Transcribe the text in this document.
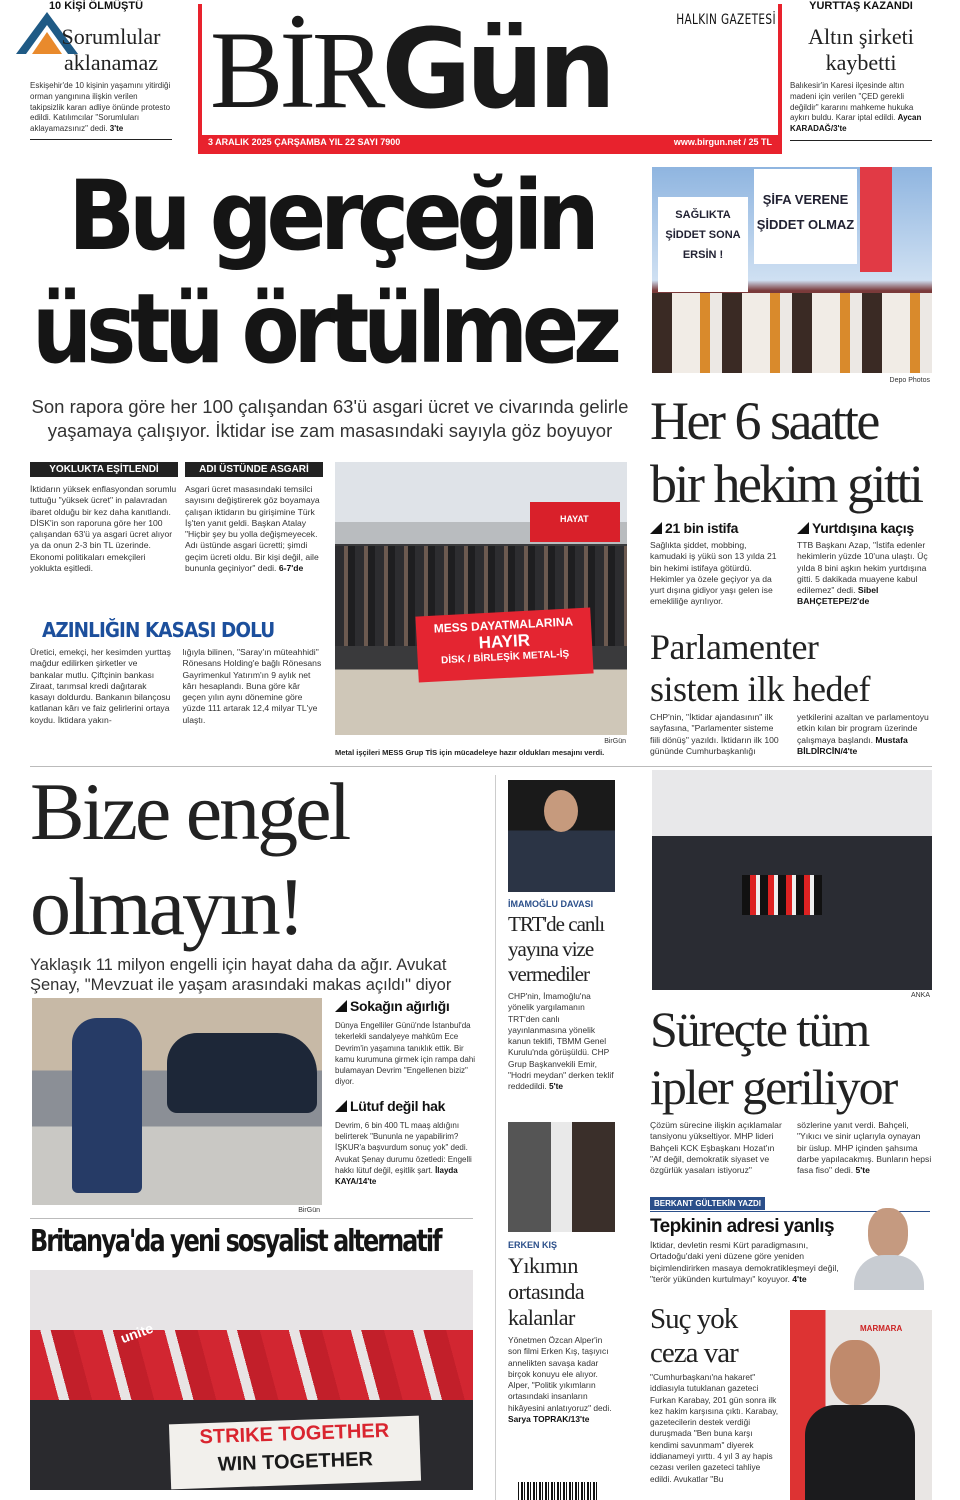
10 KİŞİ ÖLMÜŞTÜ
Sorumlular aklanamaz
Eskişehir'de 10 kişinin yaşamını yitirdiği orman yangınına ilişkin verilen takipsizlik kararı adliye önünde protesto edildi. Katılımcılar "Sorumluları aklayamazsınız" dedi. 3'te
HALKIN GAZETESİ
BİRGün
3 ARALIK 2025 ÇARŞAMBA YIL 22 SAYI 7900	www.birgun.net / 25 TL
YURTTAŞ KAZANDI
Altın şirketi kaybetti
Balıkesir'in Karesi ilçesinde altın madeni için verilen "ÇED gerekli değildir" kararını mahkeme hukuka aykırı buldu. Karar iptal edildi. Aycan KARADAĞ/3'te
Bu gerçeğin
üstü örtülmez
Son rapora göre her 100 çalışandan 63'ü asgari ücret ve civarında gelirle yaşamaya çalışıyor. İktidar ise zam masasındaki sayıyla göz boyuyor
YOKLUKTA EŞİTLENDİ
İktidarın yüksek enflasyondan sorumlu tuttuğu "yüksek ücret" in palavradan ibaret olduğu bir kez daha kanıtlandı. DİSK'in son raporuna göre her 100 çalışandan 63'ü ya asgari ücret alıyor ya da onun 2-3 bin TL üzerinde. Ekonomi politikaları emekçileri yoklukta eşitledi.
ADI ÜSTÜNDE ASGARİ
Asgari ücret masasındaki temsilci sayısını değiştirerek göz boyamaya çalışan iktidarın bu girişimine Türk İş'ten yanıt geldi. Başkan Atalay "Hiçbir şey bu yolla değişmeyecek. Adı üstünde asgari ücretti; şimdi geçim ücreti oldu. Bir kişi değil, aile bununla geçiniyor" dedi. 6-7'de
AZINLIĞIN KASASI DOLU
Üretici, emekçi, her kesimden yurttaş mağdur edilirken şirketler ve bankalar mutlu. Çiftçinin bankası Ziraat, tarımsal kredi dağıtarak kasayı doldurdu. Bankanın bilançosu katlanan kârı ve faiz gelirlerini ortaya koydu. İktidara yakın-
lığıyla bilinen, "Saray'ın müteahhidi" Rönesans Holding'e bağlı Rönesans Gayrimenkul Yatırım'ın 9 aylık net kârı hesaplandı. Buna göre kâr geçen yılın aynı dönemine göre yüzde 111 artarak 12,4 milyar TL'ye ulaştı.
HAYAT
MESS DAYATMALARINA
HAYIR
DİSK / BİRLEŞİK METAL-İŞ
BirGün
Metal işçileri MESS Grup TİS için mücadeleye hazır oldukları mesajını verdi.
SAĞLIKTA ŞİDDET SONA ERSİN !
ŞİFA VERENE ŞİDDET OLMAZ
Depo Photos
Her 6 saatte
bir hekim gitti
21 bin istifa
Sağlıkta şiddet, mobbing, kamudaki iş yükü son 13 yılda 21 bin hekimi istifaya götürdü. Hekimler ya özele geçiyor ya da yurt dışına gidiyor yaşı gelen ise emekliliğe ayrılıyor.
Yurtdışına kaçış
TTB Başkanı Azap, "İstifa edenler hekimlerin yüzde 10'una ulaştı. Üç yılda 8 bini aşkın hekim yurtdışına gitti. 5 dakikada muayene kabul edilemez" dedi. Sibel BAHÇETEPE/2'de
Parlamenter
sistem ilk hedef
CHP'nin, "İktidar ajandasının" ilk sayfasına, "Parlamenter sisteme fiili dönüş" yazıldı. İktidarın ilk 100 gününde Cumhurbaşkanlığı
yetkilerini azaltan ve parlamentoyu etkin kılan bir program üzerinde çalışmaya başlandı. Mustafa BİLDİRCİN/4'te
Bize engel
olmayın!
Yaklaşık 11 milyon engelli için hayat daha da ağır. Avukat Şenay, "Mevzuat ile yaşam arasındaki makas açıldı" diyor
BirGün
Sokağın ağırlığı
Dünya Engelliler Günü'nde İstanbul'da tekerlekli sandalyeye mahkûm Ece Devrim'in yaşamına tanıklık ettik. Bir kamu kurumuna girmek için rampa dahi bulamayan Devrim "Engellenen biziz" diyor.
Lütuf değil hak
Devrim, 6 bin 400 TL maaş aldığını belirterek "Bununla ne yapabilirim? İŞKUR'a başvurdum sonuç yok" dedi. Avukat Şenay durumu özetledi: Engelli hakkı lütuf değil, eşitlik şart. İlayda KAYA/14'te
Britanya'da yeni sosyalist alternatif
STRIKE TOGETHER
WIN TOGETHER
unite
İMAMOĞLU DAVASI
TRT'de canlı yayına vize vermediler
CHP'nin, İmamoğlu'na yönelik yargılamanın TRT'den canlı yayınlanmasına yönelik kanun teklifi, TBMM Genel Kurulu'nda görüşüldü. CHP Grup Başkanvekili Emir, "Hodri meydan" derken teklif reddedildi. 5'te
ERKEN KIŞ
Yıkımın ortasında kalanlar
Yönetmen Özcan Alper'in son filmi Erken Kış, taşıyıcı annelikten savaşa kadar birçok konuyu ele alıyor. Alper, "Politik yıkımların ortasındaki insanların hikâyesini anlatıyoruz" dedi. Sarya TOPRAK/13'te
ANKA
Süreçte tüm
ipler geriliyor
Çözüm sürecine ilişkin açıklamalar tansiyonu yükseltiyor. MHP lideri Bahçeli KCK Eşbaşkanı Hozat'ın "Af değil, demokratik siyaset ve özgürlük yasaları istiyoruz"
sözlerine yanıt verdi. Bahçeli, "Yıkıcı ve sinir uçlarıyla oynayan bir üslup. MHP içinden şahsıma darbe yapılacakmış. Bunların hepsi fasa fiso" dedi. 5'te
BERKANT GÜLTEKİN YAZDI
Tepkinin adresi yanlış
İktidar, devletin resmi Kürt paradigmasını, Ortadoğu'daki yeni düzene göre yeniden biçimlendirirken masaya demokratikleşmeyi değil, "terör yükünden kurtulmayı" koyuyor. 4'te
Suç yok
ceza var
"Cumhurbaşkanı'na hakaret" iddiasıyla tutuklanan gazeteci Furkan Karabay, 201 gün sonra ilk kez hakim karşısına çıktı. Karabay, gazetecilerin destek verdiği duruşmada "Ben buna karşı kendimi savunmam" diyerek iddianameyi yırttı. 4 yıl 3 ay hapis cezası verilen gazeteci tahliye edildi. Avukatlar "Bu
MARMARA
